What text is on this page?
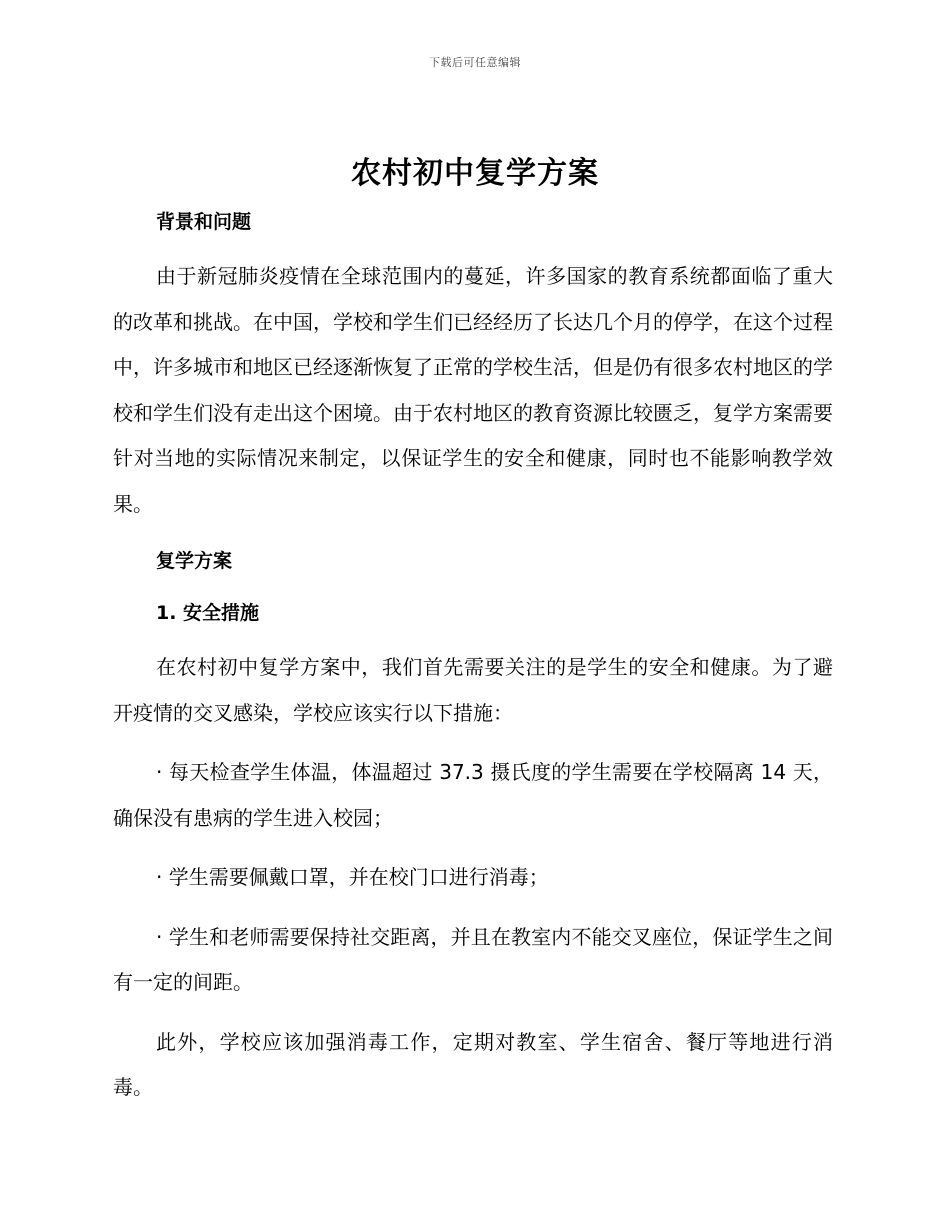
下载后可任意编辑
农村初中复学方案

背景和问题

由于新冠肺炎疫情在全球范围内的蔓延，许多国家的教育系统都面临了重大的改革和挑战。在中国，学校和学生们已经经历了长达几个月的停学，在这个过程中，许多城市和地区已经逐渐恢复了正常的学校生活，但是仍有很多农村地区的学校和学生们没有走出这个困境。由于农村地区的教育资源比较匮乏，复学方案需要针对当地的实际情况来制定，以保证学生的安全和健康，同时也不能影响教学效果。

复学方案

1. 安全措施

在农村初中复学方案中，我们首先需要关注的是学生的安全和健康。为了避开疫情的交叉感染，学校应该实行以下措施：

· 每天检查学生体温，体温超过 37.3 摄氏度的学生需要在学校隔离 14 天，确保没有患病的学生进入校园；

· 学生需要佩戴口罩，并在校门口进行消毒；

· 学生和老师需要保持社交距离，并且在教室内不能交叉座位，保证学生之间有一定的间距。

此外，学校应该加强消毒工作，定期对教室、学生宿舍、餐厅等地进行消毒。
